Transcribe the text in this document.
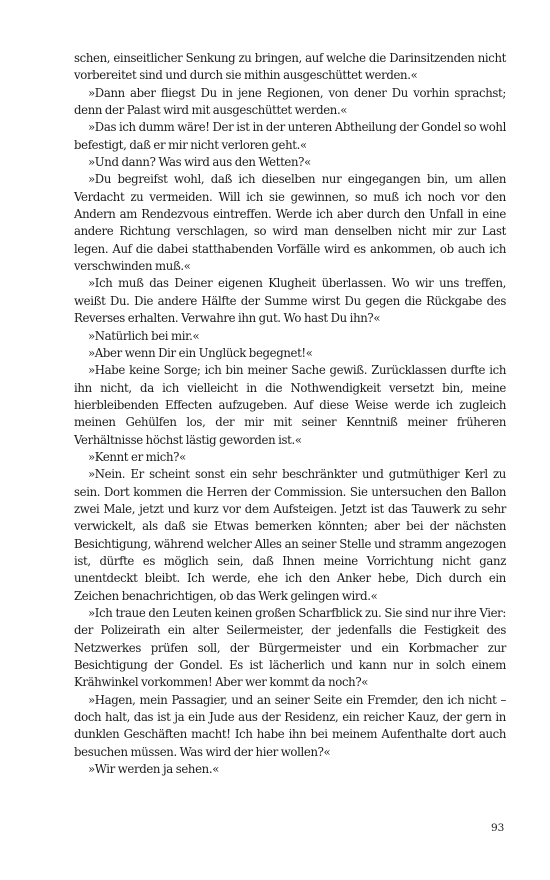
schen, einseitlicher Senkung zu bringen, auf welche die Darinsitzenden nicht vorbereitet sind und durch sie mithin ausgeschüttet werden.«

»Dann aber fliegst Du in jene Regionen, von dener Du vorhin sprachst; denn der Palast wird mit ausgeschüttet werden.«

»Das ich dumm wäre! Der ist in der unteren Abtheilung der Gondel so wohl befestigt, daß er mir nicht verloren geht.«

»Und dann? Was wird aus den Wetten?«

»Du begreifst wohl, daß ich dieselben nur eingegangen bin, um allen Verdacht zu vermeiden. Will ich sie gewinnen, so muß ich noch vor den Andern am Rendezvous eintreffen. Werde ich aber durch den Unfall in eine andere Richtung verschlagen, so wird man denselben nicht mir zur Last legen. Auf die dabei statthabenden Vorfälle wird es ankommen, ob auch ich verschwinden muß.«

»Ich muß das Deiner eigenen Klugheit überlassen. Wo wir uns treffen, weißt Du. Die andere Hälfte der Summe wirst Du gegen die Rückgabe des Reverses erhalten. Verwahre ihn gut. Wo hast Du ihn?«

»Natürlich bei mir.«

»Aber wenn Dir ein Unglück begegnet!«

»Habe keine Sorge; ich bin meiner Sache gewiß. Zurücklassen durfte ich ihn nicht, da ich vielleicht in die Nothwendigkeit versetzt bin, meine hierbleibenden Effecten aufzugeben. Auf diese Weise werde ich zugleich meinen Gehülfen los, der mir mit seiner Kenntniß meiner früheren Verhältnisse höchst lästig geworden ist.«

»Kennt er mich?«

»Nein. Er scheint sonst ein sehr beschränkter und gutmüthiger Kerl zu sein. Dort kommen die Herren der Commission. Sie untersuchen den Ballon zwei Male, jetzt und kurz vor dem Aufsteigen. Jetzt ist das Tauwerk zu sehr verwickelt, als daß sie Etwas bemerken könnten; aber bei der nächsten Besichtigung, während welcher Alles an seiner Stelle und stramm angezogen ist, dürfte es möglich sein, daß Ihnen meine Vorrichtung nicht ganz unentdeckt bleibt. Ich werde, ehe ich den Anker hebe, Dich durch ein Zeichen benachrichtigen, ob das Werk gelingen wird.«

»Ich traue den Leuten keinen großen Scharfblick zu. Sie sind nur ihre Vier: der Polizeirath ein alter Seilermeister, der jedenfalls die Festigkeit des Netzwerkes prüfen soll, der Bürgermeister und ein Korbmacher zur Besichtigung der Gondel. Es ist lächerlich und kann nur in solch einem Krähwinkel vorkommen! Aber wer kommt da noch?«

»Hagen, mein Passagier, und an seiner Seite ein Fremder, den ich nicht – doch halt, das ist ja ein Jude aus der Residenz, ein reicher Kauz, der gern in dunklen Geschäften macht! Ich habe ihn bei meinem Aufenthalte dort auch besuchen müssen. Was wird der hier wollen?«

»Wir werden ja sehen.«

93
